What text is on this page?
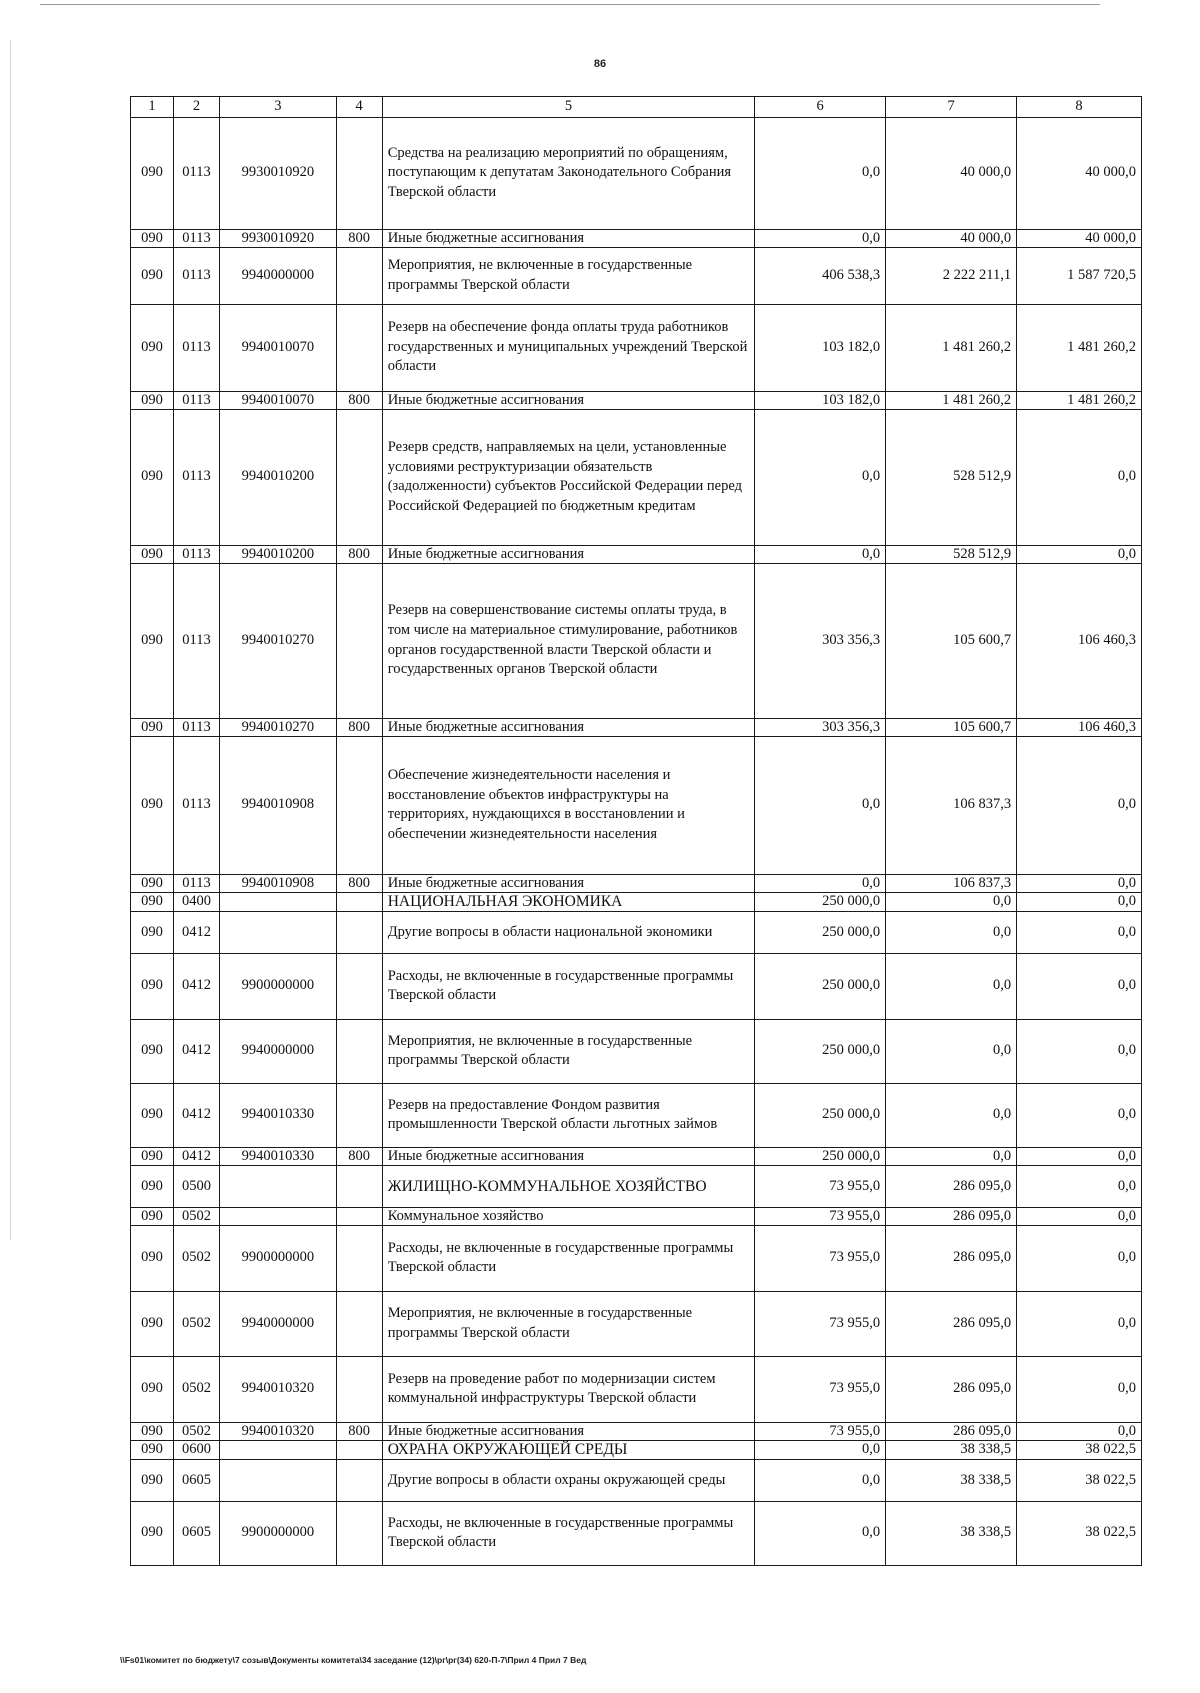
86
1	2	3	4	5	6	7	8
090	0113	9930010920		Средства на реализацию мероприятий по обращениям, поступающим к депутатам Законодательного Собрания Тверской области	0,0	40 000,0	40 000,0
090	0113	9930010920	800	Иные бюджетные ассигнования	0,0	40 000,0	40 000,0
090	0113	9940000000		Мероприятия, не включенные в государственные программы Тверской области	406 538,3	2 222 211,1	1 587 720,5
090	0113	9940010070		Резерв на обеспечение фонда оплаты труда работников государственных и муниципальных учреждений Тверской области	103 182,0	1 481 260,2	1 481 260,2
090	0113	9940010070	800	Иные бюджетные ассигнования	103 182,0	1 481 260,2	1 481 260,2
090	0113	9940010200		Резерв средств, направляемых на цели, установленные условиями реструктуризации обязательств (задолженности) субъектов Российской Федерации перед Российской Федерацией по бюджетным кредитам	0,0	528 512,9	0,0
090	0113	9940010200	800	Иные бюджетные ассигнования	0,0	528 512,9	0,0
090	0113	9940010270		Резерв на совершенствование системы оплаты труда, в том числе на материальное стимулирование, работников органов государственной власти Тверской области и государственных органов Тверской области	303 356,3	105 600,7	106 460,3
090	0113	9940010270	800	Иные бюджетные ассигнования	303 356,3	105 600,7	106 460,3
090	0113	9940010908		Обеспечение жизнедеятельности населения и восстановление объектов инфраструктуры на территориях, нуждающихся в восстановлении и обеспечении жизнедеятельности населения	0,0	106 837,3	0,0
090	0113	9940010908	800	Иные бюджетные ассигнования	0,0	106 837,3	0,0
090	0400			НАЦИОНАЛЬНАЯ ЭКОНОМИКА	250 000,0	0,0	0,0
090	0412			Другие вопросы в области национальной экономики	250 000,0	0,0	0,0
090	0412	9900000000		Расходы, не включенные в государственные программы Тверской области	250 000,0	0,0	0,0
090	0412	9940000000		Мероприятия, не включенные в государственные программы Тверской области	250 000,0	0,0	0,0
090	0412	9940010330		Резерв на предоставление Фондом развития промышленности Тверской области льготных займов	250 000,0	0,0	0,0
090	0412	9940010330	800	Иные бюджетные ассигнования	250 000,0	0,0	0,0
090	0500			ЖИЛИЩНО-КОММУНАЛЬНОЕ ХОЗЯЙСТВО	73 955,0	286 095,0	0,0
090	0502			Коммунальное хозяйство	73 955,0	286 095,0	0,0
090	0502	9900000000		Расходы, не включенные в государственные программы Тверской области	73 955,0	286 095,0	0,0
090	0502	9940000000		Мероприятия, не включенные в государственные программы Тверской области	73 955,0	286 095,0	0,0
090	0502	9940010320		Резерв на проведение работ по модернизации систем коммунальной инфраструктуры Тверской области	73 955,0	286 095,0	0,0
090	0502	9940010320	800	Иные бюджетные ассигнования	73 955,0	286 095,0	0,0
090	0600			ОХРАНА ОКРУЖАЮЩЕЙ СРЕДЫ	0,0	38 338,5	38 022,5
090	0605			Другие вопросы в области охраны окружающей среды	0,0	38 338,5	38 022,5
090	0605	9900000000		Расходы, не включенные в государственные программы Тверской области	0,0	38 338,5	38 022,5
\\Fs01\комитет по бюджету\7 созыв\Документы комитета\34 заседание (12)\рг\рг(34) 620-П-7\Прил 4 Прил 7 Вед
